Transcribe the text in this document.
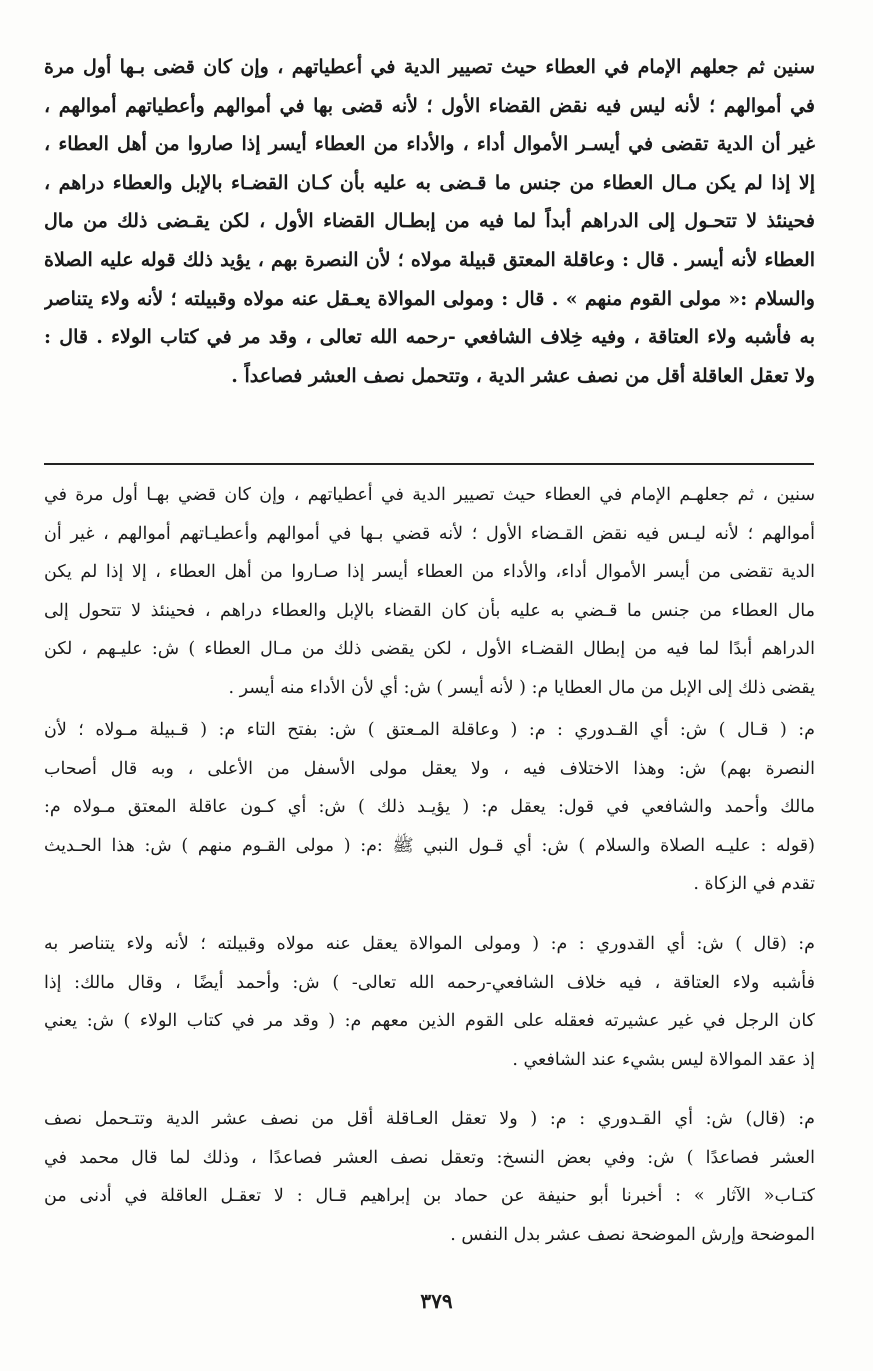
سنين ثم جعلهم الإمام في العطاء حيث تصيير الدية في أعطياتهم ، وإن كان قضى بـها أول مرة
في أموالهم ؛ لأنه ليس فيه نقض القضاء الأول ؛ لأنه قضى بها في أموالهم وأعطياتهم أموالهم ،
غير أن الدية تقضى في أيسـر الأموال أداء ، والأداء من العطاء أيسر إذا صاروا من أهل العطاء ،
إلا إذا لم يكن مـال العطاء من جنس ما قـضى به عليه بأن كـان القضـاء بالإبل والعطاء دراهم ،
فحينئذ لا تتحـول إلى الدراهم أبداً لما فيه من إبطـال القضاء الأول ، لكن يقـضى ذلك من مال
العطاء لأنه أيسر . قال : وعاقلة المعتق قبيلة مولاه ؛ لأن النصرة بهم ، يؤيد ذلك قوله عليه الصلاة
والسلام :« مولى القوم منهم » . قال : ومولى الموالاة يعـقل عنه مولاه وقبيلته ؛ لأنه ولاء يتناصر
به فأشبه ولاء العتاقة ، وفيه خِلاف الشافعي -رحمه الله تعالى ، وقد مر في كتاب الولاء . قال :
ولا تعقل العاقلة أقل من نصف عشر الدية ، وتتحمل نصف العشر فصاعداً .
سنين ، ثم جعلهـم الإمام في العطاء حيث تصيير الدية في أعطياتهم ، وإن كان قضي بهـا أول مرة في
أموالهم ؛ لأنه ليـس فيه نقض القـضاء الأول ؛ لأنه قضي بـها في أموالهم وأعطيـاتهم أموالهم ، غير أن
الدية تقضى من أيسر الأموال أداء، والأداء من العطاء أيسر إذا صـاروا من أهل العطاء ، إلا إذا لم يكن
مال العطاء من جنس ما قـضي به عليه بأن كان القضاء بالإبل والعطاء دراهم ، فحينئذ لا تتحول إلى
الدراهم أبدًا لما فيه من إبطال القضـاء الأول ، لكن يقضى ذلك من مـال العطاء ) ش: عليـهم ، لكن
يقضى ذلك إلى الإبل من مال العطايا م: ( لأنه أيسر ) ش: أي لأن الأداء منه أيسر .
م: ( قـال ) ش: أي القـدوري : م: ( وعاقلة المـعتق ) ش: بفتح التاء م: ( قـبيلة مـولاه ؛ لأن
النصرة بهم) ش: وهذا الاختلاف فيه ، ولا يعقل مولى الأسفل من الأعلى ، وبه قال أصحاب
مالك وأحمد والشافعي في قول: يعقل م: ( يؤيـد ذلك ) ش: أي كـون عاقلة المعتق مـولاه م:
(قوله : عليـه الصلاة والسلام ) ش: أي قـول النبي ﷺ :م: ( مولى القـوم منهم ) ش: هذا الحـديث
تقدم في الزكاة .
م: (قال ) ش: أي القدوري : م: ( ومولى الموالاة يعقل عنه مولاه وقبيلته ؛ لأنه ولاء يتناصر به
فأشبه ولاء العتاقة ، فيه خلاف الشافعي-رحمه الله تعالى- ) ش: وأحمد أيضًا ، وقال مالك: إذا
كان الرجل في غير عشيرته فعقله على القوم الذين معهم م: ( وقد مر في كتاب الولاء ) ش: يعني
إذ عقد الموالاة ليس بشيء عند الشافعي .
م: (قال) ش: أي القـدوري : م: ( ولا تعقل العـاقلة أقل من نصف عشر الدية وتتـحمل نصف
العشر فصاعدًا ) ش: وفي بعض النسخ: وتعقل نصف العشر فصاعدًا ، وذلك لما قال محمد في
كتـاب« الآثار » : أخبرنا أبو حنيفة عن حماد بن إبراهيم قـال : لا تعقـل العاقلة في أدنى من
الموضحة وإرش الموضحة نصف عشر بدل النفس .
٣٧٩
